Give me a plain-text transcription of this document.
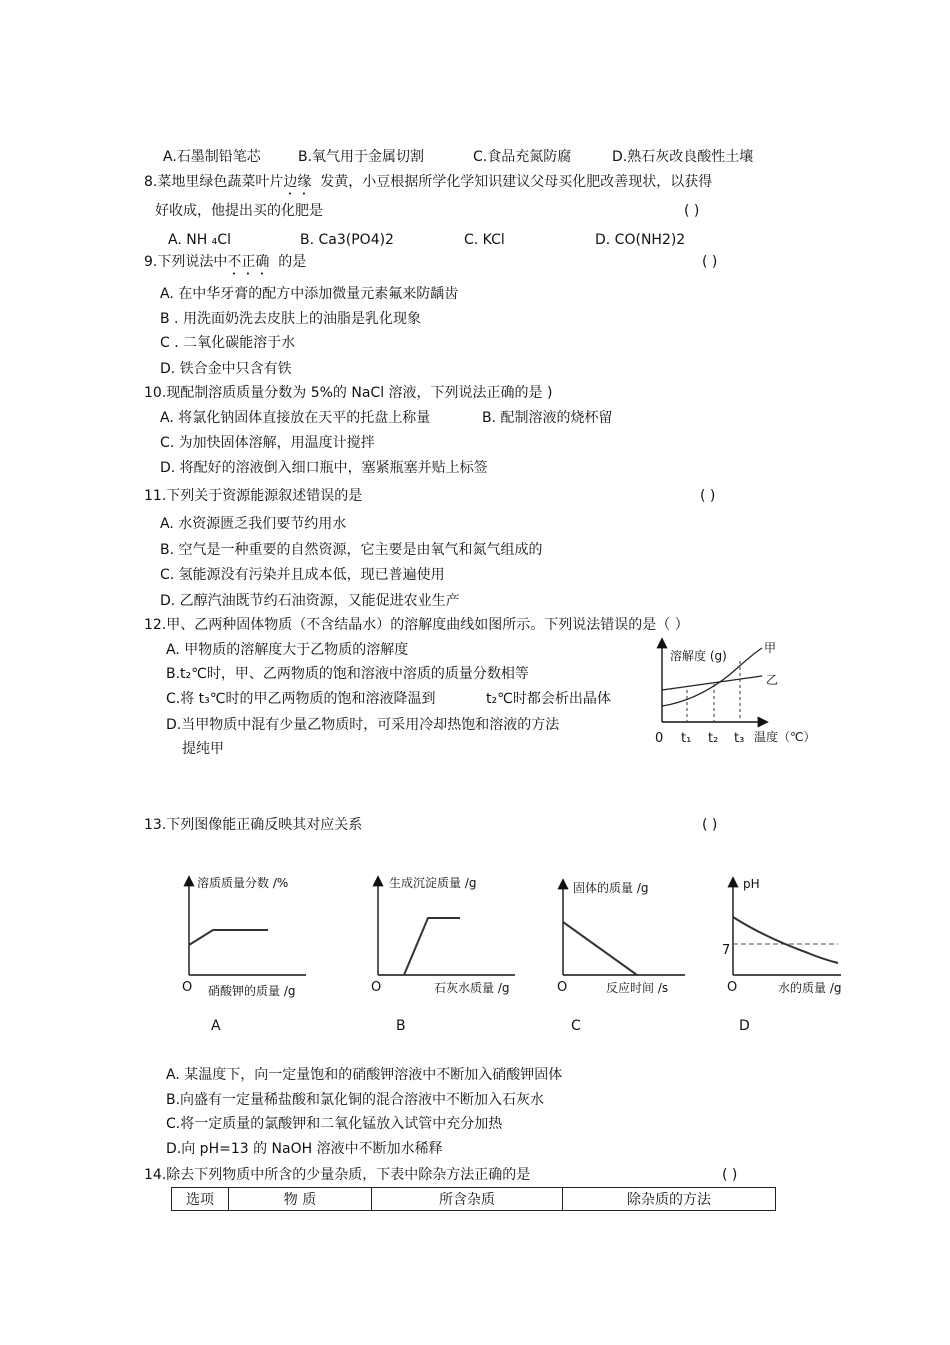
A.石墨制铅笔芯	B.氧气用于金属切割	C.食品充氮防腐	D.熟石灰改良酸性土壤
8.菜地里绿色蔬菜叶片边缘 发黄，小豆根据所学化学知识建议父母买化肥改善现状，以获得
好收成，他提出买的化肥是	( )
A. NH ₄Cl	B. Ca3(PO4)2	C. KCl	D. CO(NH2)2
9.下列说法中不正确 的是	( )
A. 在中华牙膏的配方中添加微量元素氟来防龋齿
B . 用洗面奶洗去皮肤上的油脂是乳化现象
C . 二氧化碳能溶于水
D. 铁合金中只含有铁
10.现配制溶质质量分数为 5%的 NaCl 溶液，下列说法正确的是 )
A. 将氯化钠固体直接放在天平的托盘上称量	B. 配制溶液的烧杯留
C. 为加快固体溶解，用温度计搅拌
D. 将配好的溶液倒入细口瓶中，塞紧瓶塞并贴上标签
11.下列关于资源能源叙述错误的是	( )
A. 水资源匮乏我们要节约用水
B. 空气是一种重要的自然资源，它主要是由氧气和氮气组成的
C. 氢能源没有污染并且成本低，现已普遍使用
D. 乙醇汽油既节约石油资源，又能促进农业生产
12.甲、乙两种固体物质（不含结晶水）的溶解度曲线如图所示。下列说法错误的是（ ）
A. 甲物质的溶解度大于乙物质的溶解度
B.t₂℃时，甲、乙两物质的饱和溶液中溶质的质量分数相等
C.将 t₃℃时的甲乙两物质的饱和溶液降温到	t₂℃时都会析出晶体
D.当甲物质中混有少量乙物质时，可采用冷却热饱和溶液的方法
提纯甲
溶解度 (g)
甲
乙
0 t₁ t₂ t₃ 温度（℃）
13.下列图像能正确反映其对应关系	( )
溶质质量分数 /%
O 硝酸钾的质量 /g
A
生成沉淀质量 /g
O	石灰水质量 /g
B
固体的质量 /g
O	反应时间 /s
C
pH
7
O	水的质量 /g
D
A. 某温度下，向一定量饱和的硝酸钾溶液中不断加入硝酸钾固体
B.向盛有一定量稀盐酸和氯化铜的混合溶液中不断加入石灰水
C.将一定质量的氯酸钾和二氧化锰放入试管中充分加热
D.向 pH=13 的 NaOH 溶液中不断加水稀释
14.除去下列物质中所含的少量杂质，下表中除杂方法正确的是	( )
选项	物 质	所含杂质	除杂质的方法
